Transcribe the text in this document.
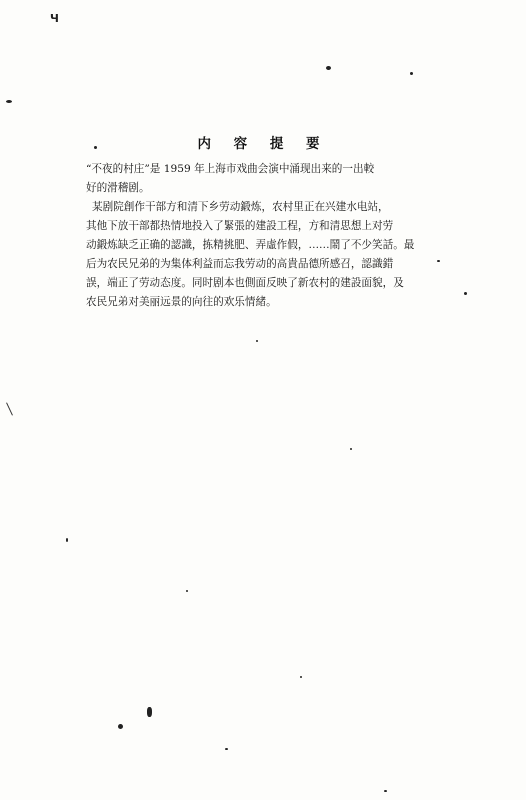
Ч
内 容 提 要
“不夜的村庄”是 1959 年上海市戏曲会演中涌现出来的一出較
好的滑稽剧。
某剧院創作干部方和清下乡劳动鍛炼，农村里正在兴建水电站，
其他下放干部都热情地投入了緊張的建設工程，方和清思想上对劳
动鍛炼缺乏正确的認識，拣精挑肥、弄虛作假，……鬧了不少笑話。最
后为农民兄弟的为集体利益而忘我劳动的高貴品德所感召，認識錯
誤，端正了劳动态度。同时剧本也側面反映了新农村的建設面貌，及
农民兄弟对美丽远景的向往的欢乐情緒。
